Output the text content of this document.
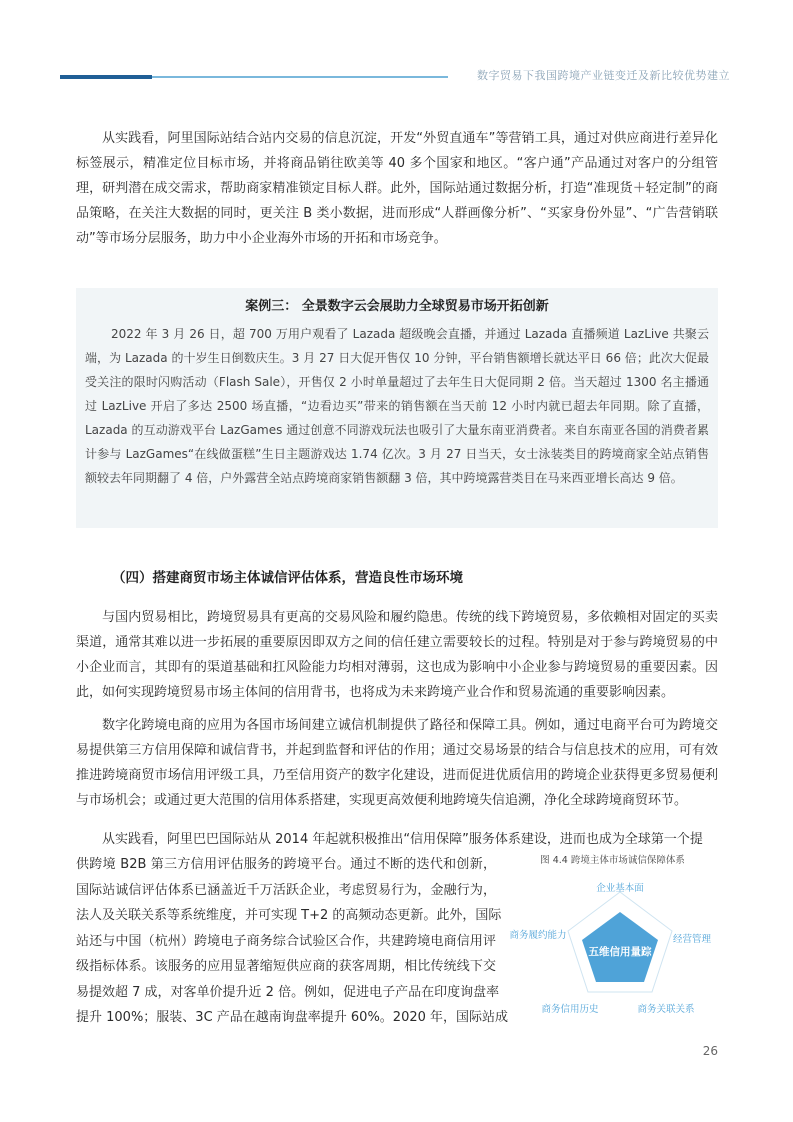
数字贸易下我国跨境产业链变迁及新比较优势建立

从实践看，阿里国际站结合站内交易的信息沉淀，开发“外贸直通车”等营销工具，通过对供应商进行差异化标签展示，精准定位目标市场，并将商品销往欧美等 40 多个国家和地区。“客户通”产品通过对客户的分组管理，研判潜在成交需求，帮助商家精准锁定目标人群。此外，国际站通过数据分析，打造“准现货＋轻定制”的商品策略，在关注大数据的同时，更关注 B 类小数据，进而形成“人群画像分析”、“买家身份外显”、“广告营销联动”等市场分层服务，助力中小企业海外市场的开拓和市场竞争。

案例三： 全景数字云会展助力全球贸易市场开拓创新

2022 年 3 月 26 日，超 700 万用户观看了 Lazada 超级晚会直播，并通过 Lazada 直播频道 LazLive 共聚云端，为 Lazada 的十岁生日倒数庆生。3 月 27 日大促开售仅 10 分钟，平台销售额增长就达平日 66 倍；此次大促最受关注的限时闪购活动（Flash Sale），开售仅 2 小时单量超过了去年生日大促同期 2 倍。当天超过 1300 名主播通过 LazLive 开启了多达 2500 场直播，“边看边买”带来的销售额在当天前 12 小时内就已超去年同期。除了直播，Lazada 的互动游戏平台 LazGames 通过创意不同游戏玩法也吸引了大量东南亚消费者。来自东南亚各国的消费者累计参与 LazGames“在线做蛋糕”生日主题游戏达 1.74 亿次。3 月 27 日当天，女士泳装类目的跨境商家全站点销售额较去年同期翻了 4 倍，户外露营全站点跨境商家销售额翻 3 倍，其中跨境露营类目在马来西亚增长高达 9 倍。

（四）搭建商贸市场主体诚信评估体系，营造良性市场环境

与国内贸易相比，跨境贸易具有更高的交易风险和履约隐患。传统的线下跨境贸易，多依赖相对固定的买卖渠道，通常其难以进一步拓展的重要原因即双方之间的信任建立需要较长的过程。特别是对于参与跨境贸易的中小企业而言，其即有的渠道基础和扛风险能力均相对薄弱，这也成为影响中小企业参与跨境贸易的重要因素。因此，如何实现跨境贸易市场主体间的信用背书，也将成为未来跨境产业合作和贸易流通的重要影响因素。

数字化跨境电商的应用为各国市场间建立诚信机制提供了路径和保障工具。例如，通过电商平台可为跨境交易提供第三方信用保障和诚信背书，并起到监督和评估的作用；通过交易场景的结合与信息技术的应用，可有效推进跨境商贸市场信用评级工具，乃至信用资产的数字化建设，进而促进优质信用的跨境企业获得更多贸易便利与市场机会；或通过更大范围的信用体系搭建，实现更高效便利地跨境失信追溯，净化全球跨境商贸环节。

从实践看，阿里巴巴国际站从 2014 年起就积极推出“信用保障”服务体系建设，进而也成为全球第一个提

供跨境 B2B 第三方信用评估服务的跨境平台。通过不断的迭代和创新，
国际站诚信评估体系已涵盖近千万活跃企业，考虑贸易行为，金融行为，
法人及关联关系等系统维度，并可实现 T+2 的高频动态更新。此外，国际
站还与中国（杭州）跨境电子商务综合试验区合作，共建跨境电商信用评
级指标体系。该服务的应用显著缩短供应商的获客周期，相比传统线下交
易提效超 7 成，对客单价提升近 2 倍。例如，促进电子产品在印度询盘率
提升 100%；服装、3C 产品在越南询盘率提升 60%。2020 年，国际站成
图 4.4 跨境主体市场诚信保障体系
五维信用量踪
企业基本面
经营管理
商务关联关系
商务信用历史
商务履约能力
26
